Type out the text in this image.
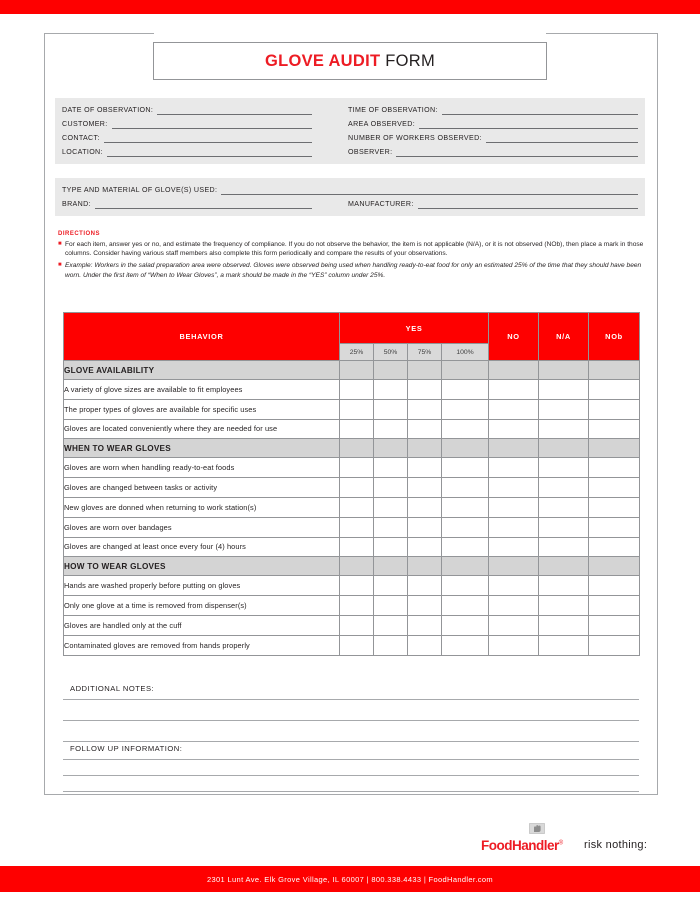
GLOVE AUDIT FORM
DATE OF OBSERVATION:
CUSTOMER:
CONTACT:
LOCATION:
TIME OF OBSERVATION:
AREA OBSERVED:
NUMBER OF WORKERS OBSERVED:
OBSERVER:
TYPE AND MATERIAL OF GLOVE(S) USED:
BRAND:	MANUFACTURER:
DIRECTIONS
■ For each item, answer yes or no, and estimate the frequency of compliance. If you do not observe the behavior, the item is not applicable (N/A), or it is not observed (NOb), then place a mark in those columns. Consider having various staff members also complete this form periodically and compare the results of your observations.
■ Example: Workers in the salad preparation area were observed. Gloves were observed being used when handling ready-to-eat food for only an estimated 25% of the time that they should have been worn. Under the first item of “When to Wear Gloves”, a mark should be made in the “YES” column under 25%.
BEHAVIOR	YES				NO	N/A	NOb
	25%	50%	75%	100%			
GLOVE AVAILABILITY							
A variety of glove sizes are available to fit employees							
The proper types of gloves are available for specific uses							
Gloves are located conveniently where they are needed for use							
WHEN TO WEAR GLOVES							
Gloves are worn when handling ready-to-eat foods							
Gloves are changed between tasks or activity							
New gloves are donned when returning to work station(s)							
Gloves are worn over bandages							
Gloves are changed at least once every four (4) hours							
HOW TO WEAR GLOVES							
Hands are washed properly before putting on gloves							
Only one glove at a time is removed from dispenser(s)							
Gloves are handled only at the cuff							
Contaminated gloves are removed from hands properly							
ADDITIONAL NOTES:
FOLLOW UP INFORMATION:
FoodHandler® risk nothing:
2301 Lunt Ave. Elk Grove Village, IL 60007 | 800.338.4433 | FoodHandler.com
